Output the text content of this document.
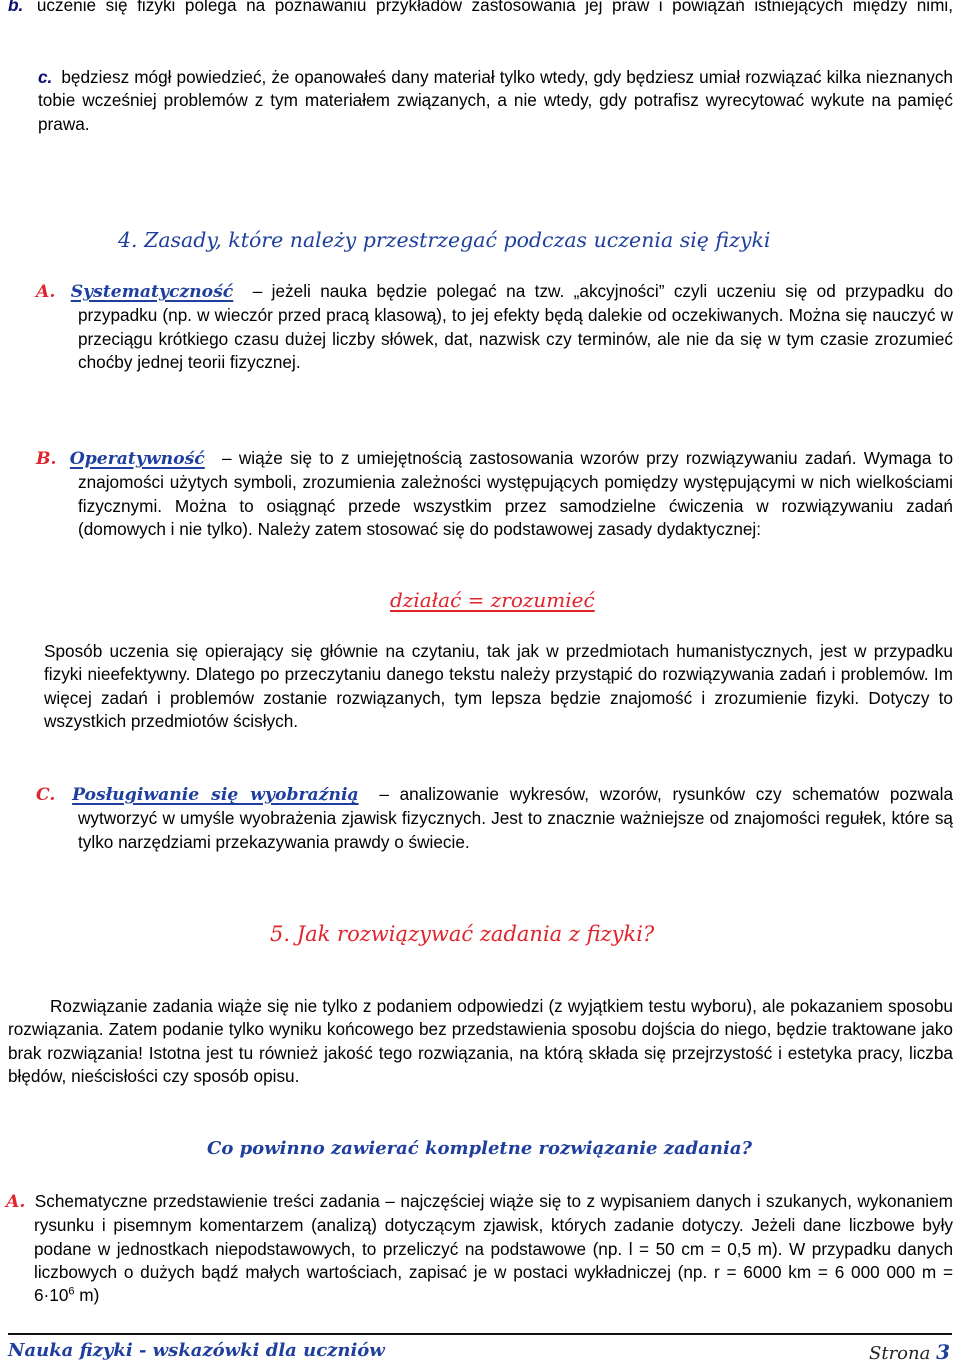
b. uczenie się fizyki polega na poznawaniu przykładów zastosowania jej praw i powiązań istniejących między nimi,
c. będziesz mógł powiedzieć, że opanowałeś dany materiał tylko wtedy, gdy będziesz umiał rozwiązać kilka nieznanych tobie wcześniej problemów z tym materiałem związanych, a nie wtedy, gdy potrafisz wyrecytować wykute na pamięć prawa.
4. Zasady, które należy przestrzegać podczas uczenia się fizyki
A. Systematyczność – jeżeli nauka będzie polegać na tzw. „akcyjności” czyli uczeniu się od przypadku do przypadku (np. w wieczór przed pracą klasową), to jej efekty będą dalekie od oczekiwanych. Można się nauczyć w przeciągu krótkiego czasu dużej liczby słówek, dat, nazwisk czy terminów, ale nie da się w tym czasie zrozumieć choćby jednej teorii fizycznej.
B. Operatywność – wiąże się to z umiejętnością zastosowania wzorów przy rozwiązywaniu zadań. Wymaga to znajomości użytych symboli, zrozumienia zależności występujących pomiędzy występującymi w nich wielkościami fizycznymi. Można to osiągnąć przede wszystkim przez samodzielne ćwiczenia w rozwiązywaniu zadań (domowych i nie tylko). Należy zatem stosować się do podstawowej zasady dydaktycznej:
działać = zrozumieć
Sposób uczenia się opierający się głównie na czytaniu, tak jak w przedmiotach humanistycznych, jest w przypadku fizyki nieefektywny. Dlatego po przeczytaniu danego tekstu należy przystąpić do rozwiązywania zadań i problemów. Im więcej zadań i problemów zostanie rozwiązanych, tym lepsza będzie znajomość i zrozumienie fizyki. Dotyczy to wszystkich przedmiotów ścisłych.
C. Posługiwanie się wyobraźnią – analizowanie wykresów, wzorów, rysunków czy schematów pozwala wytworzyć w umyśle wyobrażenia zjawisk fizycznych. Jest to znacznie ważniejsze od znajomości regułek, które są tylko narzędziami przekazywania prawdy o świecie.
5. Jak rozwiązywać zadania z fizyki?
Rozwiązanie zadania wiąże się nie tylko z podaniem odpowiedzi (z wyjątkiem testu wyboru), ale pokazaniem sposobu rozwiązania. Zatem podanie tylko wyniku końcowego bez przedstawienia sposobu dojścia do niego, będzie traktowane jako brak rozwiązania! Istotna jest tu również jakość tego rozwiązania, na którą składa się przejrzystość i estetyka pracy, liczba błędów, nieścisłości czy sposób opisu.
Co powinno zawierać kompletne rozwiązanie zadania?
A. Schematyczne przedstawienie treści zadania – najczęściej wiąże się to z wypisaniem danych i szukanych, wykonaniem rysunku i pisemnym komentarzem (analizą) dotyczącym zjawisk, których zadanie dotyczy. Jeżeli dane liczbowe były podane w jednostkach niepodstawowych, to przeliczyć na podstawowe (np. l = 50 cm = 0,5 m). W przypadku danych liczbowych o dużych bądź małych wartościach, zapisać je w postaci wykładniczej (np. r = 6000 km = 6 000 000 $m = 6\cdot 10^6$ m)
Nauka fizyki - wskazówki dla uczniów	Strona 3
